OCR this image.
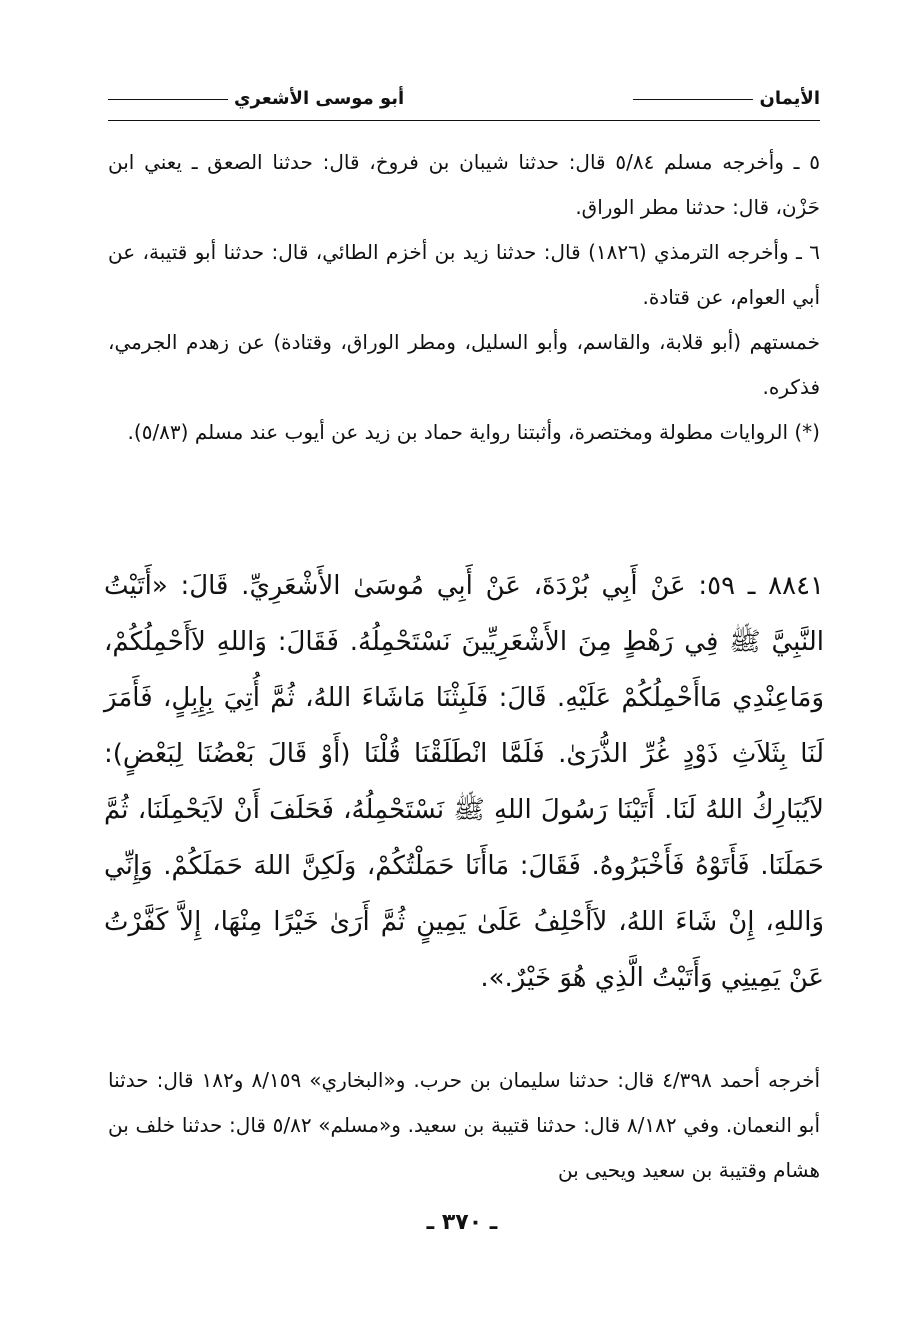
الأيمان
أبو موسى الأشعري

٥ ـ وأخرجه مسلم ٥/٨٤ قال: حدثنا شيبان بن فروخ، قال: حدثنا الصعق ـ يعني ابن حَزْن، قال: حدثنا مطر الوراق.

٦ ـ وأخرجه الترمذي (١٨٢٦) قال: حدثنا زيد بن أخزم الطائي، قال: حدثنا أبو قتيبة، عن أبي العوام، عن قتادة.

خمستهم (أبو قلابة، والقاسم، وأبو السليل، ومطر الوراق، وقتادة) عن زهدم الجرمي، فذكره.

(*) الروايات مطولة ومختصرة، وأثبتنا رواية حماد بن زيد عن أيوب عند مسلم (٥/٨٣).

٨٨٤١ ـ ٥٩: عَنْ أَبِي بُرْدَةَ، عَنْ أَبِي مُوسَىٰ الأَشْعَرِيِّ. قَالَ: «أَتَيْتُ النَّبِيَّ ﷺ فِي رَهْطٍ مِنَ الأَشْعَرِيِّينَ نَسْتَحْمِلُهُ. فَقَالَ: وَاللهِ لاَأَحْمِلُكُمْ، وَمَاعِنْدِي مَاأَحْمِلُكُمْ عَلَيْهِ. قَالَ: فَلَبِثْنَا مَاشَاءَ اللهُ، ثُمَّ أُتِيَ بِإِبِلٍ، فَأَمَرَ لَنَا بِثَلاَثِ ذَوْدٍ غُرِّ الذُّرَىٰ. فَلَمَّا انْطَلَقْنَا قُلْنَا (أَوْ قَالَ بَعْضُنَا لِبَعْضٍ): لاَيُبَارِكُ اللهُ لَنَا. أَتَيْنَا رَسُولَ اللهِ ﷺ نَسْتَحْمِلُهُ، فَحَلَفَ أَنْ لاَيَحْمِلَنَا، ثُمَّ حَمَلَنَا. فَأَتَوْهُ فَأَخْبَرُوهُ. فَقَالَ: مَاأَنَا حَمَلْتُكُمْ، وَلَكِنَّ اللهَ حَمَلَكُمْ. وَإِنِّي وَاللهِ، إِنْ شَاءَ اللهُ، لاَأَحْلِفُ عَلَىٰ يَمِينٍ ثُمَّ أَرَىٰ خَيْرًا مِنْهَا، إِلاَّ كَفَّرْتُ عَنْ يَمِينِي وَأَتَيْتُ الَّذِي هُوَ خَيْرٌ.».

أخرجه أحمد ٤/٣٩٨ قال: حدثنا سليمان بن حرب. و«البخاري» ٨/١٥٩ و١٨٢ قال: حدثنا أبو النعمان. وفي ٨/١٨٢ قال: حدثنا قتيبة بن سعيد. و«مسلم» ٥/٨٢ قال: حدثنا خلف بن هشام وقتيبة بن سعيد ويحيى بن

ـ ٣٧٠ ـ
